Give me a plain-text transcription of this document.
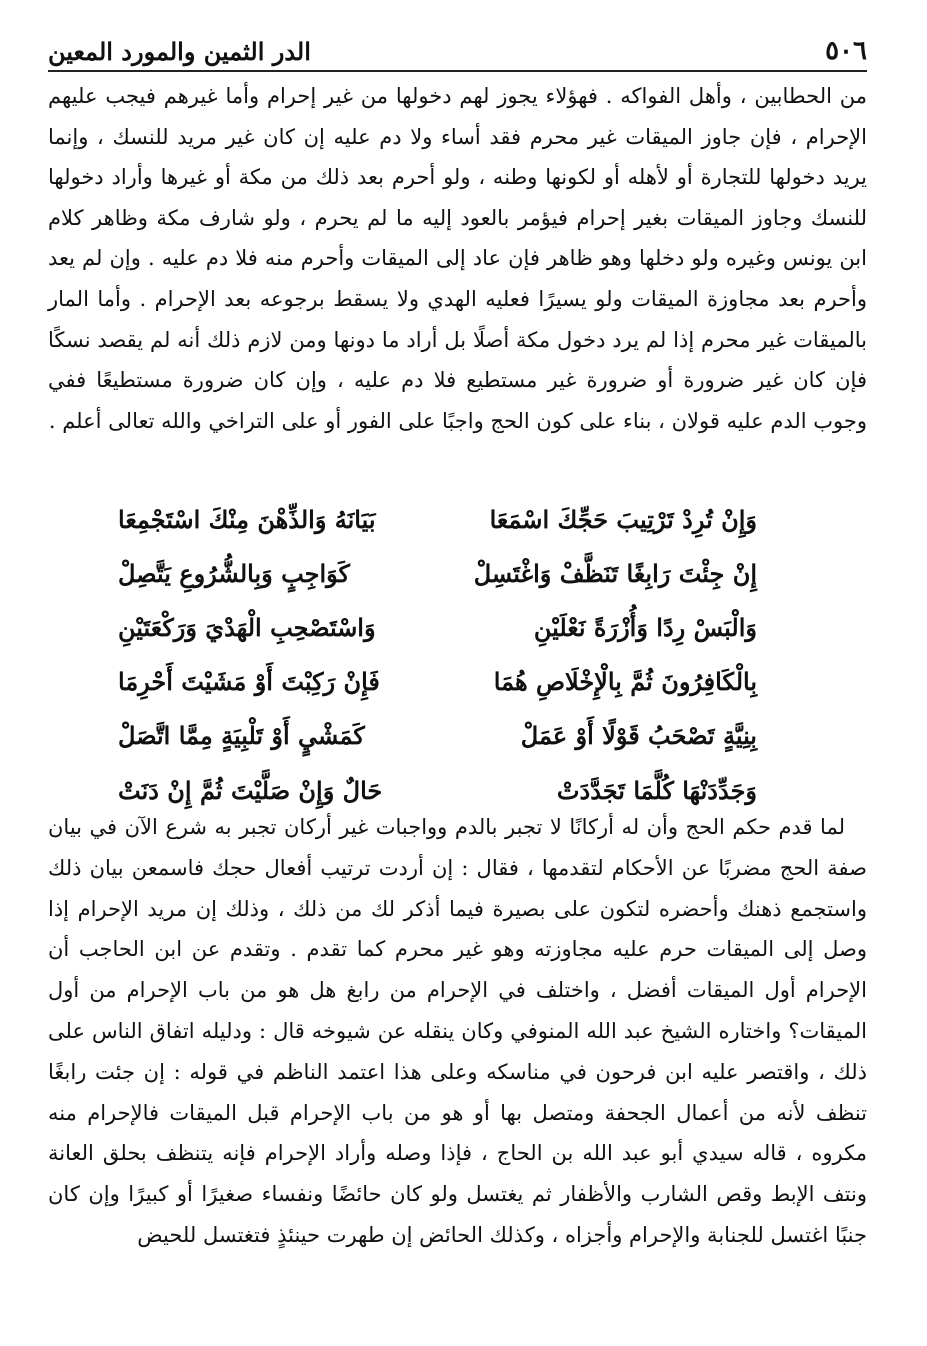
٥٠٦
الدر الثمين والمورد المعين

من الحطابين ، وأهل الفواكه . فهؤلاء يجوز لهم دخولها من غير إحرام وأما غيرهم فيجب عليهم الإحرام ، فإن جاوز الميقات غير محرم فقد أساء ولا دم عليه إن كان غير مريد للنسك ، وإنما يريد دخولها للتجارة أو لأهله أو لكونها وطنه ، ولو أحرم بعد ذلك من مكة أو غيرها وأراد دخولها للنسك وجاوز الميقات بغير إحرام فيؤمر بالعود إليه ما لم يحرم ، ولو شارف مكة وظاهر كلام ابن يونس وغيره ولو دخلها وهو ظاهر فإن عاد إلى الميقات وأحرم منه فلا دم عليه . وإن لم يعد وأحرم بعد مجاوزة الميقات ولو يسيرًا فعليه الهدي ولا يسقط برجوعه بعد الإحرام . وأما المار بالميقات غير محرم إذا لم يرد دخول مكة أصلًا بل أراد ما دونها ومن لازم ذلك أنه لم يقصد نسكًا فإن كان غير ضرورة أو ضرورة غير مستطيع فلا دم عليه ، وإن كان ضرورة مستطيعًا ففي وجوب الدم عليه قولان ، بناء على كون الحج واجبًا على الفور أو على التراخي والله تعالى أعلم .

وَإِنْ تُرِدْ تَرْتِيبَ حَجِّكَ اسْمَعَا
بَيَانَهُ وَالذِّهْنَ مِنْكَ اسْتَجْمِعَا
إِنْ جِئْتَ رَابِغًا تَنَظَّفْ وَاغْتَسِلْ
كَوَاجِبٍ وَبِالشُّرُوعِ يَتَّصِلْ
وَالْبَسْ رِدًا وَأُزْرَةً نَعْلَيْنِ
وَاسْتَصْحِبِ الْهَدْيَ وَرَكْعَتَيْنِ
بِالْكَافِرُونَ ثُمَّ بِالْإِخْلَاصِ هُمَا
فَإِنْ رَكِبْتَ أَوْ مَشَيْتَ أَحْرِمَا
بِنِيَّةٍ تَصْحَبُ قَوْلًا أَوْ عَمَلْ
كَمَشْيٍ أَوْ تَلْبِيَةٍ مِمَّا اتَّصَلْ
وَجَدِّدَنْهَا كُلَّمَا تَجَدَّدَتْ
حَالٌ وَإِنْ صَلَّيْتَ ثُمَّ إِنْ دَنَتْ

لما قدم حكم الحج وأن له أركانًا لا تجبر بالدم وواجبات غير أركان تجبر به شرع الآن في بيان صفة الحج مضربًا عن الأحكام لتقدمها ، فقال : إن أردت ترتيب أفعال حجك فاسمعن بيان ذلك واستجمع ذهنك وأحضره لتكون على بصيرة فيما أذكر لك من ذلك ، وذلك إن مريد الإحرام إذا وصل إلى الميقات حرم عليه مجاوزته وهو غير محرم كما تقدم . وتقدم عن ابن الحاجب أن الإحرام أول الميقات أفضل ، واختلف في الإحرام من رابغ هل هو من باب الإحرام من أول الميقات؟ واختاره الشيخ عبد الله المنوفي وكان ينقله عن شيوخه قال : ودليله اتفاق الناس على ذلك ، واقتصر عليه ابن فرحون في مناسكه وعلى هذا اعتمد الناظم في قوله : إن جئت رابغًا تنظف لأنه من أعمال الجحفة ومتصل بها أو هو من باب الإحرام قبل الميقات فالإحرام منه مكروه ، قاله سيدي أبو عبد الله بن الحاج ، فإذا وصله وأراد الإحرام فإنه يتنظف بحلق العانة ونتف الإبط وقص الشارب والأظفار ثم يغتسل ولو كان حائضًا ونفساء صغيرًا أو كبيرًا وإن كان جنبًا اغتسل للجنابة والإحرام وأجزاه ، وكذلك الحائض إن طهرت حينئذٍ فتغتسل للحيض
